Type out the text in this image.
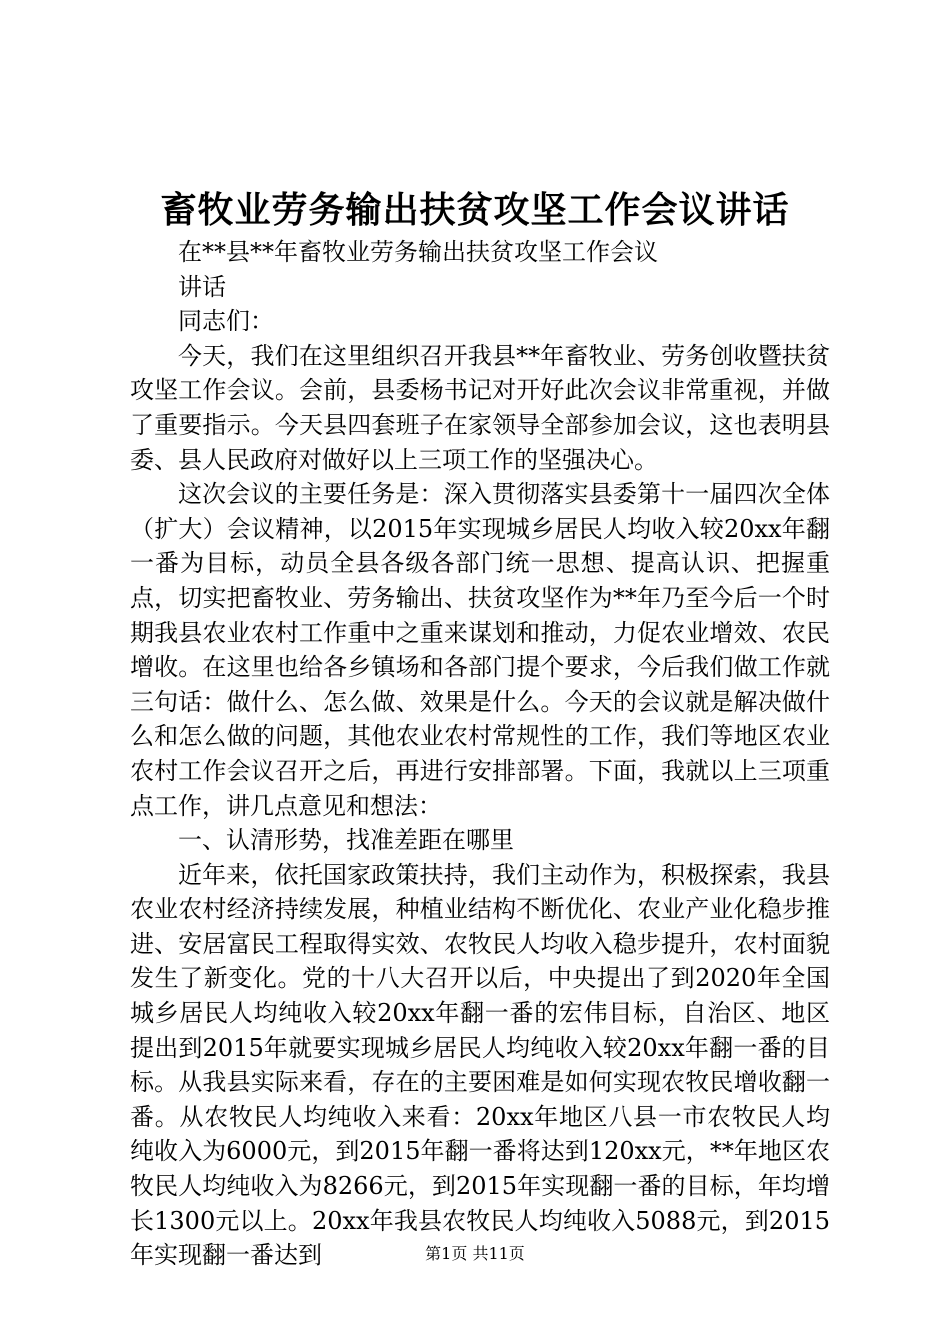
畜牧业劳务输出扶贫攻坚工作会议讲话

在**县**年畜牧业劳务输出扶贫攻坚工作会议

讲话

同志们：

今天，我们在这里组织召开我县**年畜牧业、劳务创收暨扶贫攻坚工作会议。会前，县委杨书记对开好此次会议非常重视，并做了重要指示。今天县四套班子在家领导全部参加会议，这也表明县委、县人民政府对做好以上三项工作的坚强决心。

这次会议的主要任务是：深入贯彻落实县委第十一届四次全体（扩大）会议精神，以2015年实现城乡居民人均收入较20xx年翻一番为目标，动员全县各级各部门统一思想、提高认识、把握重点，切实把畜牧业、劳务输出、扶贫攻坚作为**年乃至今后一个时期我县农业农村工作重中之重来谋划和推动，力促农业增效、农民增收。在这里也给各乡镇场和各部门提个要求，今后我们做工作就三句话：做什么、怎么做、效果是什么。今天的会议就是解决做什么和怎么做的问题，其他农业农村常规性的工作，我们等地区农业农村工作会议召开之后，再进行安排部署。下面，我就以上三项重点工作，讲几点意见和想法：

一、认清形势，找准差距在哪里

近年来，依托国家政策扶持，我们主动作为，积极探索，我县农业农村经济持续发展，种植业结构不断优化、农业产业化稳步推进、安居富民工程取得实效、农牧民人均收入稳步提升，农村面貌发生了新变化。党的十八大召开以后，中央提出了到2020年全国城乡居民人均纯收入较20xx年翻一番的宏伟目标，自治区、地区提出到2015年就要实现城乡居民人均纯收入较20xx年翻一番的目标。从我县实际来看，存在的主要困难是如何实现农牧民增收翻一番。从农牧民人均纯收入来看：20xx年地区八县一市农牧民人均纯收入为6000元，到2015年翻一番将达到120xx元，**年地区农牧民人均纯收入为8266元，到2015年实现翻一番的目标，年均增长1300元以上。20xx年我县农牧民人均纯收入5088元，到2015年实现翻一番达到	第1页 共11页
